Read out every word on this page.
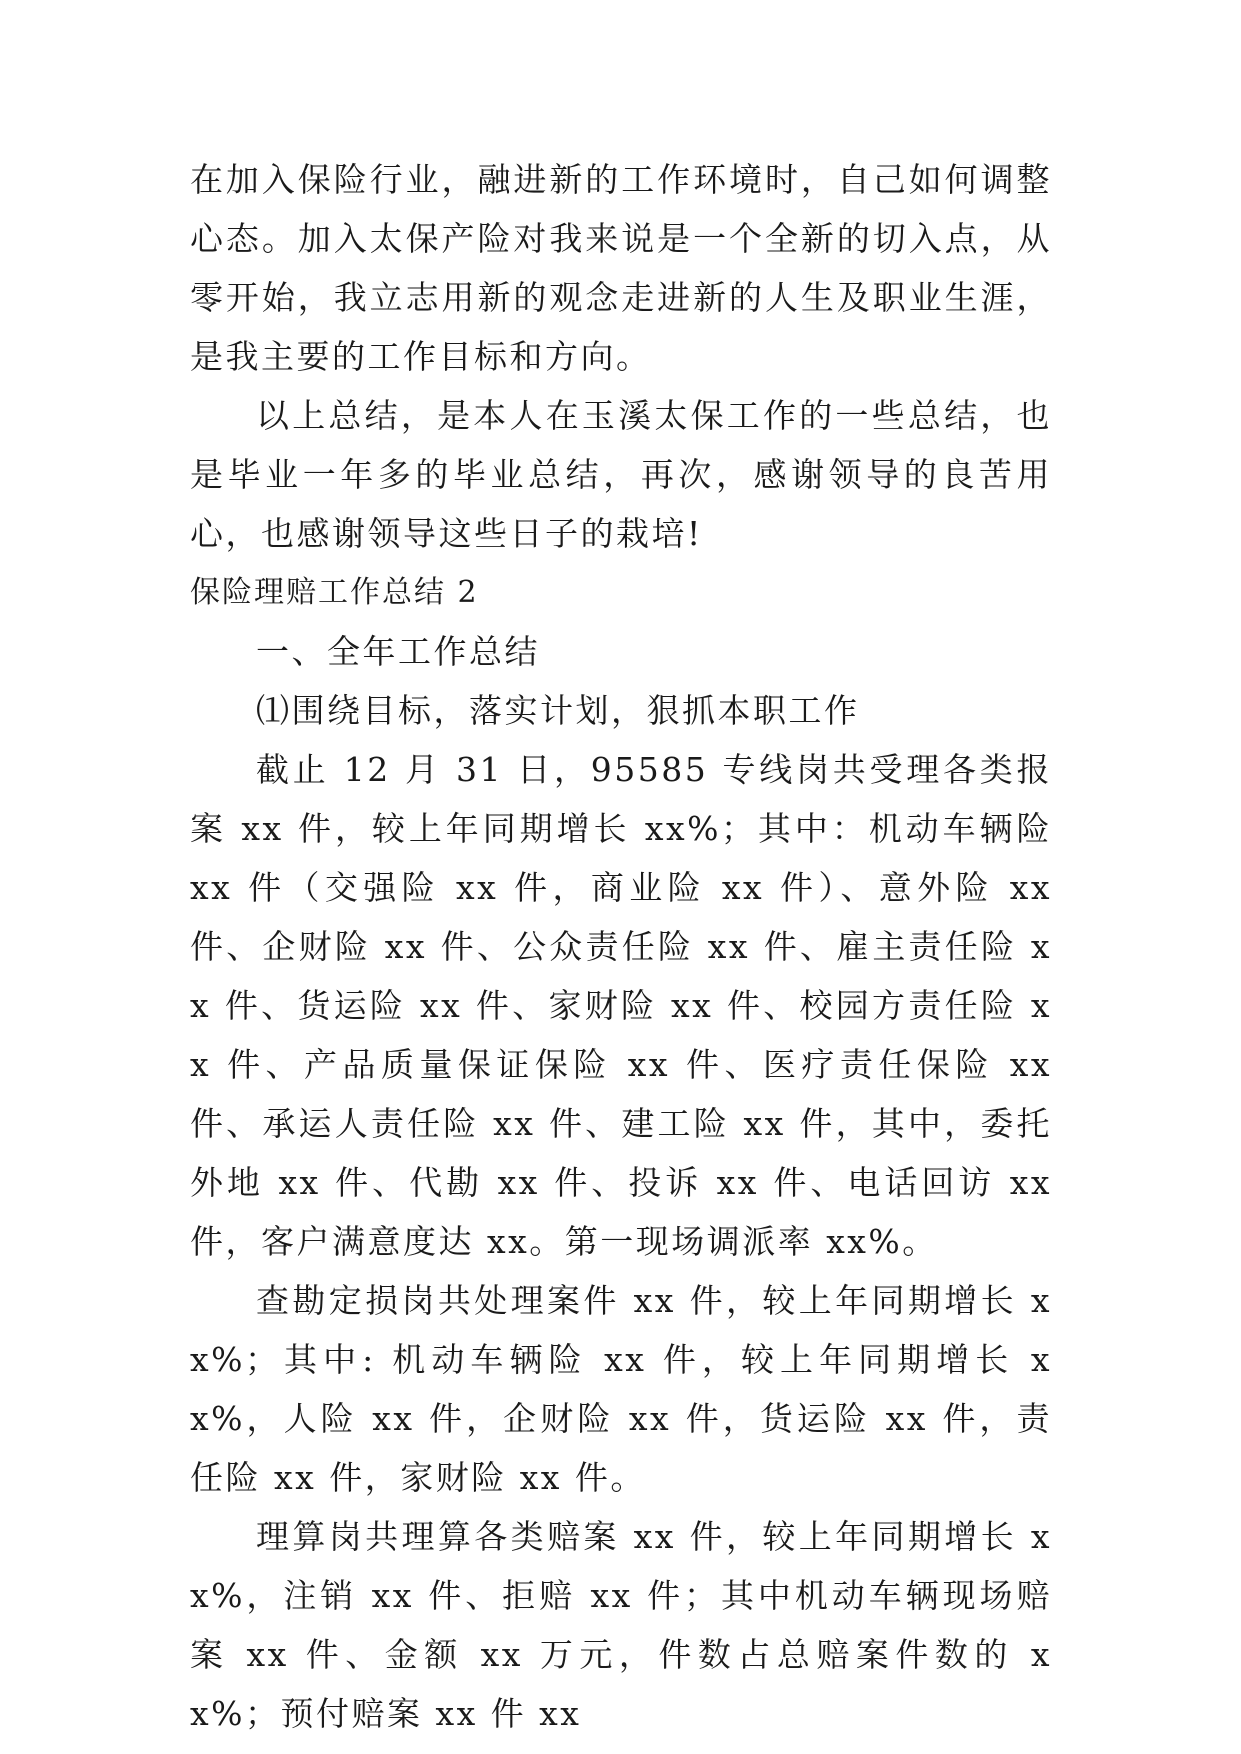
在加入保险行业，融进新的工作环境时，自己如何调整心态。加入太保产险对我来说是一个全新的切入点，从零开始，我立志用新的观念走进新的人生及职业生涯，是我主要的工作目标和方向。

以上总结，是本人在玉溪太保工作的一些总结，也是毕业一年多的毕业总结，再次，感谢领导的良苦用心，也感谢领导这些日子的栽培!

保险理赔工作总结 2

一、全年工作总结

⑴围绕目标，落实计划，狠抓本职工作

截止 12 月 31 日，95585 专线岗共受理各类报案 xx 件，较上年同期增长 xx%；其中：机动车辆险 xx 件（交强险 xx 件，商业险 xx 件）、意外险 xx 件、企财险 xx 件、公众责任险 xx 件、雇主责任险 xx 件、货运险 xx 件、家财险 xx 件、校园方责任险 xx 件、产品质量保证保险 xx 件、医疗责任保险 xx 件、承运人责任险 xx 件、建工险 xx 件，其中，委托外地 xx 件、代勘 xx 件、投诉 xx 件、电话回访 xx 件，客户满意度达 xx。第一现场调派率 xx%。

查勘定损岗共处理案件 xx 件，较上年同期增长 xx%；其中: 机动车辆险 xx 件，较上年同期增长 xx%，人险 xx 件，企财险 xx 件，货运险 xx 件，责任险 xx 件，家财险 xx 件。

理算岗共理算各类赔案 xx 件，较上年同期增长 xx%，注销 xx 件、拒赔 xx 件；其中机动车辆现场赔案 xx 件、金额 xx 万元，件数占总赔案件数的 xx%；预付赔案 xx 件 xx
